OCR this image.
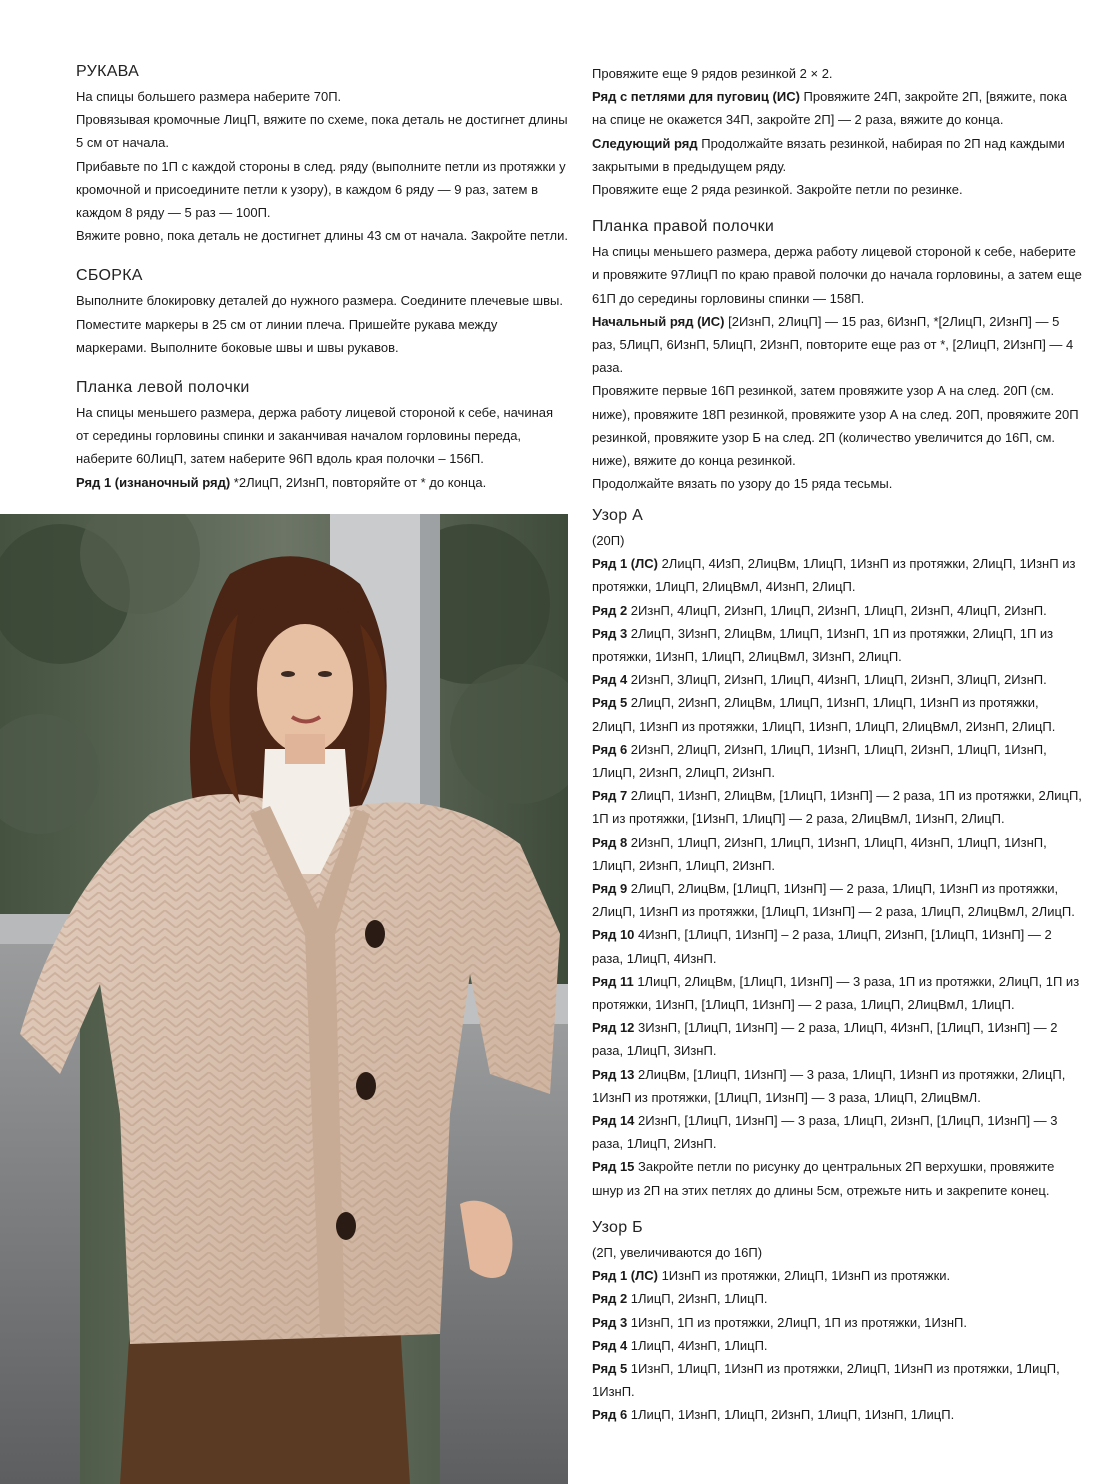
РУКАВА

На спицы большего размера наберите 70П.

Провязывая кромочные ЛицП, вяжите по схеме, пока деталь не достигнет длины 5 см от начала.

Прибавьте по 1П с каждой стороны в след. ряду (выполните петли из протяжки у кромочной и присоедините петли к узору), в каждом 6 ряду — 9 раз, затем в каждом 8 ряду — 5 раз — 100П.

Вяжите ровно, пока деталь не достигнет длины 43 см от начала. Закройте петли.

СБОРКА

Выполните блокировку деталей до нужного размера. Соедините плечевые швы. Поместите маркеры в 25 см от линии плеча. Пришейте рукава между маркерами. Выполните боковые швы и швы рукавов.

Планка левой полочки

На спицы меньшего размера, держа работу лицевой стороной к себе, начиная от середины горловины спинки и заканчивая началом горловины переда, наберите 60ЛицП, затем наберите 96П вдоль края полочки – 156П.

Ряд 1 (изнаночный ряд) *2ЛицП, 2ИзнП, повторяйте от * до конца.

Провяжите еще 9 рядов резинкой 2 × 2.

Ряд с петлями для пуговиц (ИС) Провяжите 24П, закройте 2П, [вяжите, пока на спице не окажется 34П, закройте 2П] — 2 раза, вяжите до конца.

Следующий ряд Продолжайте вязать резинкой, набирая по 2П над каждыми закрытыми в предыдущем ряду.

Провяжите еще 2 ряда резинкой. Закройте петли по резинке.

Планка правой полочки

На спицы меньшего размера, держа работу лицевой стороной к себе, наберите и провяжите 97ЛицП по краю правой полочки до начала горловины, а затем еще 61П до середины горловины спинки — 158П.

Начальный ряд (ИС) [2ИзнП, 2ЛицП] — 15 раз, 6ИзнП, *[2ЛицП, 2ИзнП] — 5 раз, 5ЛицП, 6ИзнП, 5ЛицП, 2ИзнП, повторите еще раз от *, [2ЛицП, 2ИзнП] — 4 раза.

Провяжите первые 16П резинкой, затем провяжите узор А на след. 20П (см. ниже), провяжите 18П резинкой, провяжите узор А на след. 20П, провяжите 20П резинкой, провяжите узор Б на след. 2П (количество увеличится до 16П, см. ниже), вяжите до конца резинкой.

Продолжайте вязать по узору до 15 ряда тесьмы.

Узор А

(20П)

Ряд 1 (ЛС) 2ЛицП, 4ИзП, 2ЛицВм, 1ЛицП, 1ИзнП из протяжки, 2ЛицП, 1ИзнП из протяжки, 1ЛицП, 2ЛицВмЛ, 4ИзнП, 2ЛицП.

Ряд 2 2ИзнП, 4ЛицП, 2ИзнП, 1ЛицП, 2ИзнП, 1ЛицП, 2ИзнП, 4ЛицП, 2ИзнП.

Ряд 3 2ЛицП, 3ИзнП, 2ЛицВм, 1ЛицП, 1ИзнП, 1П из протяжки, 2ЛицП, 1П из протяжки, 1ИзнП, 1ЛицП, 2ЛицВмЛ, 3ИзнП, 2ЛицП.

Ряд 4 2ИзнП, 3ЛицП, 2ИзнП, 1ЛицП, 4ИзнП, 1ЛицП, 2ИзнП, 3ЛицП, 2ИзнП.

Ряд 5 2ЛицП, 2ИзнП, 2ЛицВм, 1ЛицП, 1ИзнП, 1ЛицП, 1ИзнП из протяжки, 2ЛицП, 1ИзнП из протяжки, 1ЛицП, 1ИзнП, 1ЛицП, 2ЛицВмЛ, 2ИзнП, 2ЛицП.

Ряд 6 2ИзнП, 2ЛицП, 2ИзнП, 1ЛицП, 1ИзнП, 1ЛицП, 2ИзнП, 1ЛицП, 1ИзнП, 1ЛицП, 2ИзнП, 2ЛицП, 2ИзнП.

Ряд 7 2ЛицП, 1ИзнП, 2ЛицВм, [1ЛицП, 1ИзнП] — 2 раза, 1П из протяжки, 2ЛицП, 1П из протяжки, [1ИзнП, 1ЛицП] — 2 раза, 2ЛицВмЛ, 1ИзнП, 2ЛицП.

Ряд 8 2ИзнП, 1ЛицП, 2ИзнП, 1ЛицП, 1ИзнП, 1ЛицП, 4ИзнП, 1ЛицП, 1ИзнП, 1ЛицП, 2ИзнП, 1ЛицП, 2ИзнП.

Ряд 9 2ЛицП, 2ЛицВм, [1ЛицП, 1ИзнП] — 2 раза, 1ЛицП, 1ИзнП из протяжки, 2ЛицП, 1ИзнП из протяжки, [1ЛицП, 1ИзнП] — 2 раза, 1ЛицП, 2ЛицВмЛ, 2ЛицП.

Ряд 10 4ИзнП, [1ЛицП, 1ИзнП] – 2 раза, 1ЛицП, 2ИзнП, [1ЛицП, 1ИзнП] — 2 раза, 1ЛицП, 4ИзнП.

Ряд 11 1ЛицП, 2ЛицВм, [1ЛицП, 1ИзнП] — 3 раза, 1П из протяжки, 2ЛицП, 1П из протяжки, 1ИзнП, [1ЛицП, 1ИзнП] — 2 раза, 1ЛицП, 2ЛицВмЛ, 1ЛицП.

Ряд 12 3ИзнП, [1ЛицП, 1ИзнП] — 2 раза, 1ЛицП, 4ИзнП, [1ЛицП, 1ИзнП] — 2 раза, 1ЛицП, 3ИзнП.

Ряд 13 2ЛицВм, [1ЛицП, 1ИзнП] — 3 раза, 1ЛицП, 1ИзнП из протяжки, 2ЛицП, 1ИзнП из протяжки, [1ЛицП, 1ИзнП] — 3 раза, 1ЛицП, 2ЛицВмЛ.

Ряд 14 2ИзнП, [1ЛицП, 1ИзнП] — 3 раза, 1ЛицП, 2ИзнП, [1ЛицП, 1ИзнП] — 3 раза, 1ЛицП, 2ИзнП.

Ряд 15 Закройте петли по рисунку до центральных 2П верхушки, провяжите шнур из 2П на этих петлях до длины 5см, отрежьте нить и закрепите конец.

Узор Б

(2П, увеличиваются до 16П)

Ряд 1 (ЛС) 1ИзнП из протяжки, 2ЛицП, 1ИзнП из протяжки.

Ряд 2 1ЛицП, 2ИзнП, 1ЛицП.

Ряд 3 1ИзнП, 1П из протяжки, 2ЛицП, 1П из протяжки, 1ИзнП.

Ряд 4 1ЛицП, 4ИзнП, 1ЛицП.

Ряд 5 1ИзнП, 1ЛицП, 1ИзнП из протяжки, 2ЛицП, 1ИзнП из протяжки, 1ЛицП, 1ИзнП.

Ряд 6 1ЛицП, 1ИзнП, 1ЛицП, 2ИзнП, 1ЛицП, 1ИзнП, 1ЛицП.
